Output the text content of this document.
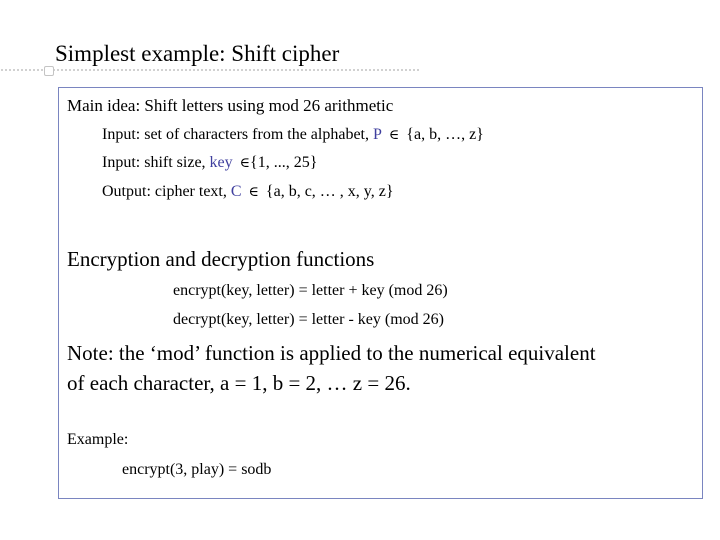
Simplest example: Shift cipher
Main idea: Shift letters using mod 26 arithmetic
Input: set of characters from the alphabet, P ∈ {a, b, …, z}
Input: shift size, key ∈{1, ..., 25}
Output: cipher text, C ∈ {a, b, c, … , x, y, z}
Encryption and decryption functions
encrypt(key, letter) = letter + key (mod 26)
decrypt(key, letter) = letter - key (mod 26)
Note: the ‘mod’ function is applied to the numerical equivalent
of each character, a = 1, b = 2, … z = 26.
Example:
encrypt(3, play) = sodb
